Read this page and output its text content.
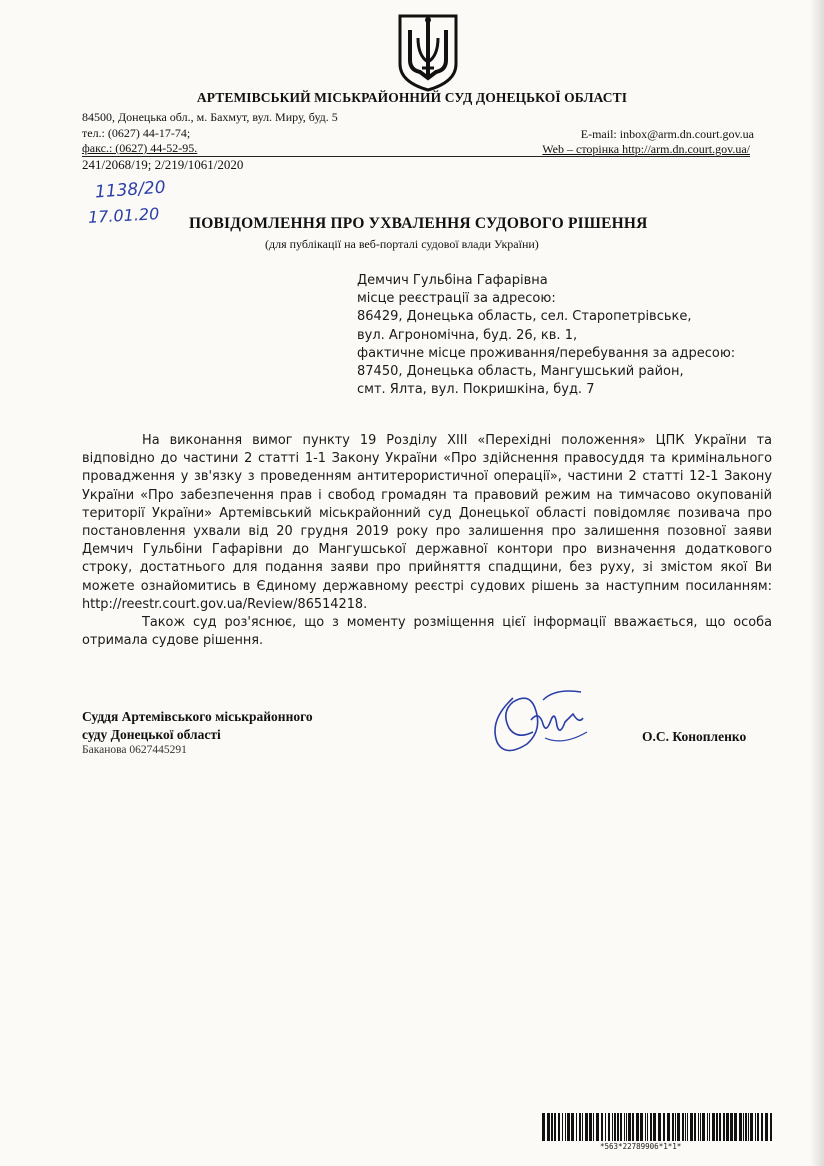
АРТЕМІВСЬКИЙ МІСЬКРАЙОННИЙ СУД ДОНЕЦЬКОЇ ОБЛАСТІ
84500, Донецька обл., м. Бахмут, вул. Миру, буд. 5
тел.: (0627) 44-17-74;
факс.: (0627) 44-52-95.
E-mail: inbox@arm.dn.court.gov.ua
Web – сторінка http://arm.dn.court.gov.ua/
241/2068/19; 2/219/1061/2020
1138/20
17.01.20 ПОВІДОМЛЕННЯ ПРО УХВАЛЕННЯ СУДОВОГО РІШЕННЯ
(для публікації на веб-порталі судової влади України)
Демчич Гульбіна Гафарівна
місце реєстрації за адресою:
86429, Донецька область, сел. Старопетрівське,
вул. Агрономічна, буд. 26, кв. 1,
фактичне місце проживання/перебування за адресою:
87450, Донецька область, Мангушський район,
смт. Ялта, вул. Покришкіна, буд. 7

На виконання вимог пункту 19 Розділу XIII «Перехідні положення» ЦПК України та відповідно до частини 2 статті 1-1 Закону України «Про здійснення правосуддя та кримінального провадження у зв'язку з проведенням антитерористичної операції», частини 2 статті 12-1 Закону України «Про забезпечення прав і свобод громадян та правовий режим на тимчасово окупованій території України» Артемівський міськрайонний суд Донецької області повідомляє позивача про постановлення ухвали від 20 грудня 2019 року про залишення про залишення позовної заяви Демчич Гульбіни Гафарівни до Мангушської державної контори про визначення додаткового строку, достатнього для подання заяви про прийняття спадщини, без руху, зі змістом якої Ви можете ознайомитись в Єдиному державному реєстрі судових рішень за наступним посиланням: http://reestr.court.gov.ua/Review/86514218.

Також суд роз'яснює, що з моменту розміщення цієї інформації вважається, що особа отримала судове рішення.

Суддя Артемівського міськрайонного
суду Донецької області
Баканова 0627445291
О.С. Конопленко
*563*22789906*1*1*
